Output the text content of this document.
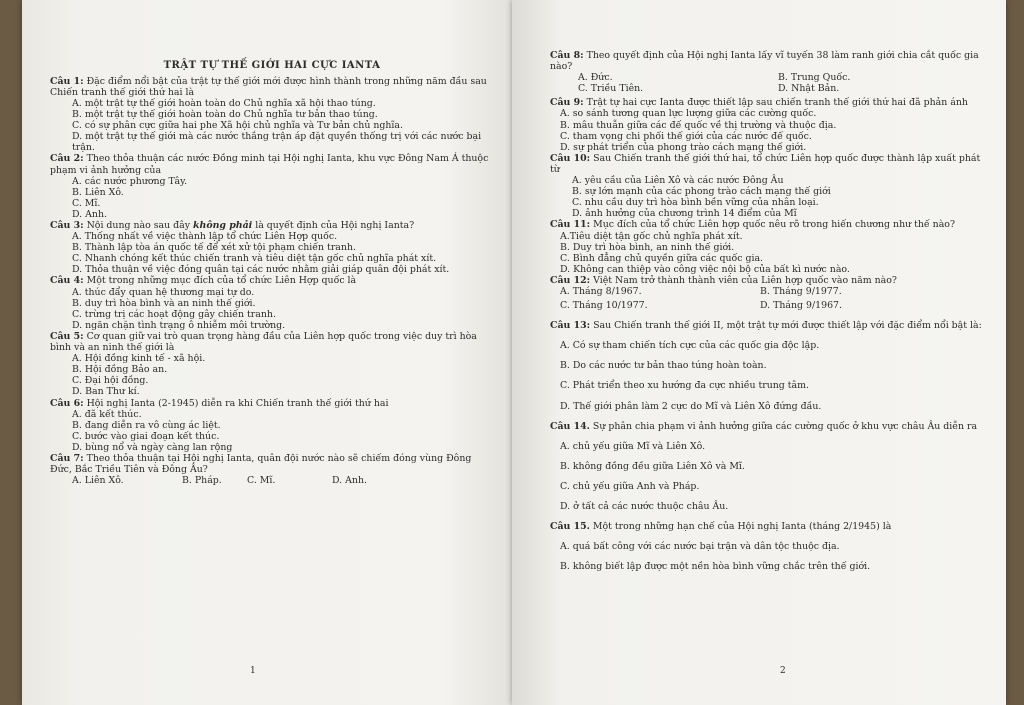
TRẬT TỰ THẾ GIỚI HAI CỰC IANTA

Câu 1: Đặc điểm nổi bật của trật tự thế giới mới được hình thành trong những năm đầu sau Chiến tranh thế giới thứ hai là

A. một trật tự thế giới hoàn toàn do Chủ nghĩa xã hội thao túng.

B. một trật tự thế giới hoàn toàn do Chủ nghĩa tư bản thao túng.

C. có sự phân cực giữa hai phe Xã hội chủ nghĩa và Tư bản chủ nghĩa.

D. một trật tự thế giới mà các nước thắng trận áp đặt quyền thống trị với các nước bại trận.

Câu 2: Theo thỏa thuận các nước Đồng minh tại Hội nghị Ianta, khu vực Đông Nam Á thuộc phạm vi ảnh hưởng của

A. các nước phương Tây.

B. Liên Xô.

C. Mĩ.

D. Anh.

Câu 3: Nội dung nào sau đây không phải là quyết định của Hội nghị Ianta?

A. Thống nhất về việc thành lập tổ chức Liên Hợp quốc.

B. Thành lập tòa án quốc tế để xét xử tội phạm chiến tranh.

C. Nhanh chóng kết thúc chiến tranh và tiêu diệt tận gốc chủ nghĩa phát xít.

D. Thỏa thuận về việc đóng quân tại các nước nhằm giải giáp quân đội phát xít.

Câu 4: Một trong những mục đích của tổ chức Liên Hợp quốc là

A. thúc đẩy quan hệ thương mại tự do.

B. duy trì hòa bình và an ninh thế giới.

C. trừng trị các hoạt động gây chiến tranh.

D. ngăn chặn tình trạng ô nhiễm môi trường.

Câu 5: Cơ quan giữ vai trò quan trọng hàng đầu của Liên hợp quốc trong việc duy trì hòa bình và an ninh thế giới là

A. Hội đồng kinh tế - xã hội.

B. Hội đồng Bảo an.

C. Đại hội đồng.

D. Ban Thư kí.

Câu 6: Hội nghị Ianta (2-1945) diễn ra khi Chiến tranh thế giới thứ hai

A. đã kết thúc.

B. đang diễn ra vô cùng ác liệt.

C. bước vào giai đoạn kết thúc.

D. bùng nổ và ngày càng lan rộng

Câu 7: Theo thỏa thuận tại Hội nghị Ianta, quân đội nước nào sẽ chiếm đóng vùng Đông Đức, Bắc Triều Tiên và Đông Âu?

A. Liên Xô.	B. Pháp.	C. Mĩ.	D. Anh.
1

Câu 8: Theo quyết định của Hội nghị Ianta lấy vĩ tuyến 38 làm ranh giới chia cắt quốc gia nào?

A. Đức.	B. Trung Quốc.
C. Triều Tiên.	D. Nhật Bản.

Câu 9: Trật tự hai cực Ianta được thiết lập sau chiến tranh thế giới thứ hai đã phản ánh

A. so sánh tương quan lực lượng giữa các cường quốc.

B. mâu thuẫn giữa các đế quốc về thị trường và thuộc địa.

C. tham vọng chi phối thế giới của các nước đế quốc.

D. sự phát triển của phong trào cách mạng thế giới.

Câu 10: Sau Chiến tranh thế giới thứ hai, tổ chức Liên hợp quốc được thành lập xuất phát từ

A. yêu cầu của Liên Xô và các nước Đông Âu

B. sự lớn mạnh của các phong trào cách mạng thế giới

C. nhu cầu duy trì hòa bình bền vững của nhân loại.

D. ảnh hưởng của chương trình 14 điểm của Mĩ

Câu 11: Mục đích của tổ chức Liên hợp quốc nêu rõ trong hiến chương như thế nào?

A.Tiêu diệt tận gốc chủ nghĩa phát xít.

B. Duy trì hòa bình, an ninh thế giới.

C. Bình đẳng chủ quyền giữa các quốc gia.

D. Không can thiệp vào công việc nội bộ của bất kì nước nào.

Câu 12: Việt Nam trở thành thành viên của Liên hợp quốc vào năm nào?

A. Tháng 8/1967.	B. Tháng 9/1977.
C. Tháng 10/1977.	D. Tháng 9/1967.

Câu 13: Sau Chiến tranh thế giới II, một trật tự mới được thiết lập với đặc điểm nổi bật là:

A. Có sự tham chiến tích cực của các quốc gia độc lập.

B. Do các nước tư bản thao túng hoàn toàn.

C. Phát triển theo xu hướng đa cực nhiều trung tâm.

D. Thế giới phân làm 2 cực do Mĩ và Liên Xô đứng đầu.

Câu 14. Sự phân chia phạm vi ảnh hưởng giữa các cường quốc ở khu vực châu Âu diễn ra

A. chủ yếu giữa Mĩ và Liên Xô.

B. không đồng đều giữa Liên Xô và Mĩ.

C. chủ yếu giữa Anh và Pháp.

D. ở tất cả các nước thuộc châu Âu.

Câu 15. Một trong những hạn chế của Hội nghị Ianta (tháng 2/1945) là

A. quá bất công với các nước bại trận và dân tộc thuộc địa.

B. không biết lập được một nền hòa bình vững chắc trên thế giới.

2
